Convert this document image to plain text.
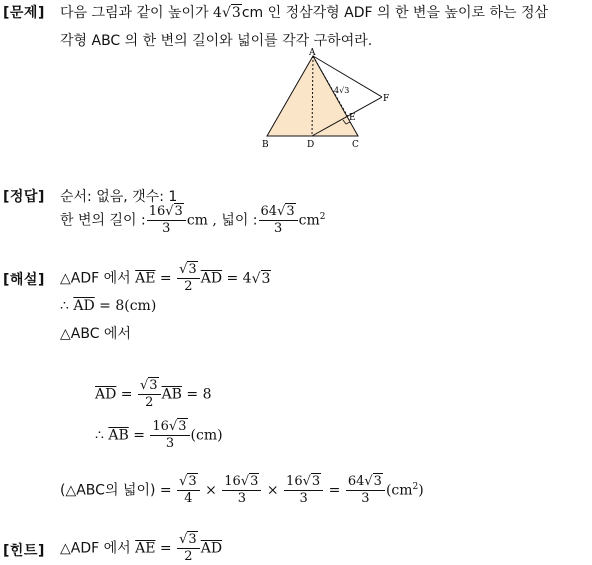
[문제] 다음 그림과 같이 높이가 4√3cm 인 정삼각형 ADF 의 한 변을 높이로 하는 정삼
각형 ABC 의 한 변의 길이와 넓이를 각각 구하여라.
A
B	D	C
E
F
4√3
[정답] 순서: 없음, 갯수: 1
한 변의 길이 : $\frac{16√3}{3}$ cm , 넓이 : $\frac{64√3}{3} cm^2$
[해설] △ADF 에서 $\overline{AE} = \frac{√3}{2} \overline{AD} = 4√3$
∴ $\overline{AD} = 8(cm)$
△ABC 에서
$\overline{AD} = \frac{√3}{2} \overline{AB} = 8$
∴ $\overline{AB} = \frac{16√3}{3} (cm)$
(△ABC의 넓이) = $\frac{√3}{4} \times \frac{16√3}{3} \times \frac{16√3}{3} = \frac{64√3}{3} (cm^2)$
[힌트] △ADF 에서 $\overline{AE} = \frac{√3}{2} \overline{AD}$
